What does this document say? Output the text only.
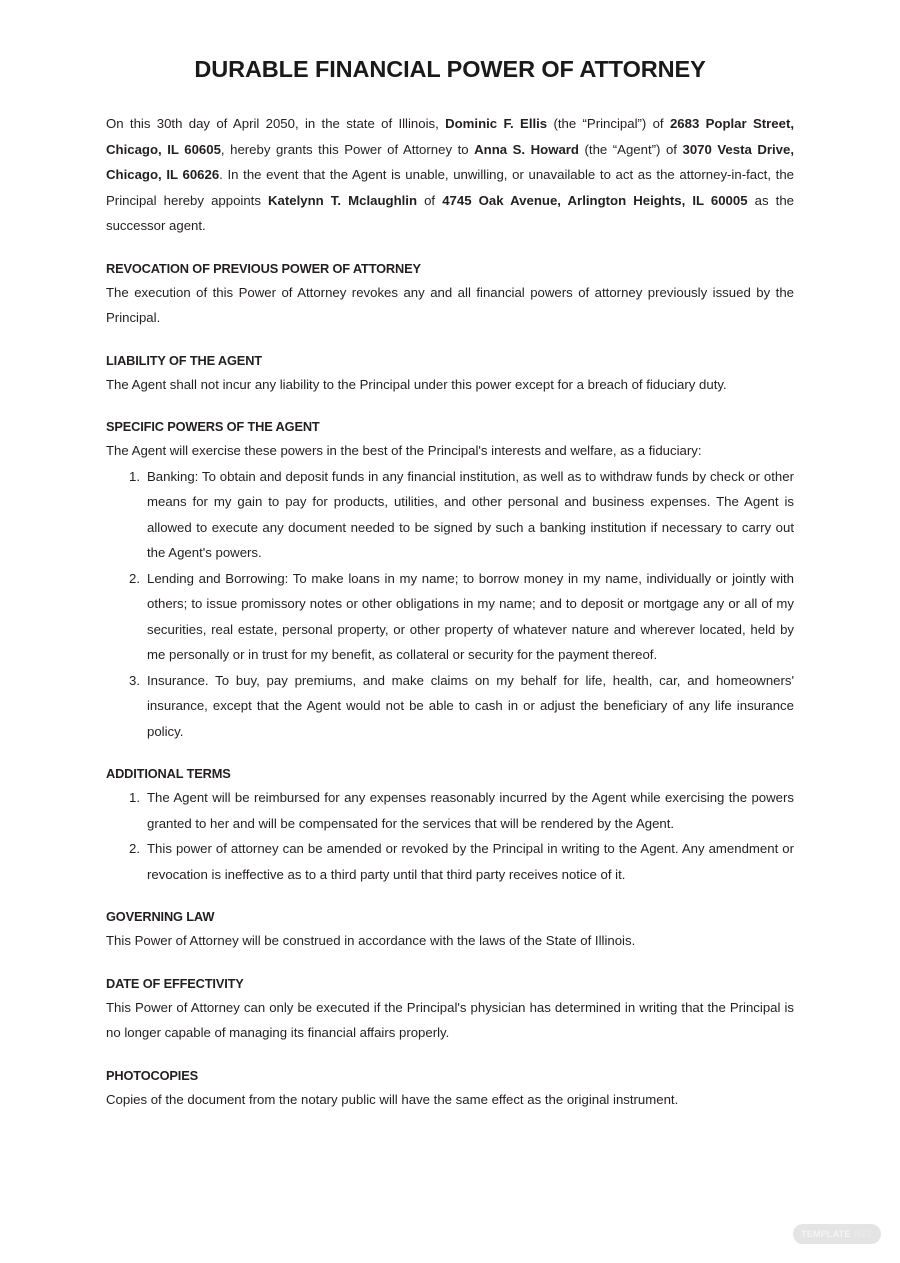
DURABLE FINANCIAL POWER OF ATTORNEY

On this 30th day of April 2050, in the state of Illinois, Dominic F. Ellis (the “Principal”) of 2683 Poplar Street, Chicago, IL 60605, hereby grants this Power of Attorney to Anna S. Howard (the “Agent”) of 3070 Vesta Drive, Chicago, IL 60626. In the event that the Agent is unable, unwilling, or unavailable to act as the attorney-in-fact, the Principal hereby appoints Katelynn T. Mclaughlin of 4745 Oak Avenue, Arlington Heights, IL 60005 as the successor agent.

REVOCATION OF PREVIOUS POWER OF ATTORNEY

The execution of this Power of Attorney revokes any and all financial powers of attorney previously issued by the Principal.

LIABILITY OF THE AGENT

The Agent shall not incur any liability to the Principal under this power except for a breach of fiduciary duty.

SPECIFIC POWERS OF THE AGENT

The Agent will exercise these powers in the best of the Principal's interests and welfare, as a fiduciary:

Banking: To obtain and deposit funds in any financial institution, as well as to withdraw funds by check or other means for my gain to pay for products, utilities, and other personal and business expenses. The Agent is allowed to execute any document needed to be signed by such a banking institution if necessary to carry out the Agent's powers.
Lending and Borrowing: To make loans in my name; to borrow money in my name, individually or jointly with others; to issue promissory notes or other obligations in my name; and to deposit or mortgage any or all of my securities, real estate, personal property, or other property of whatever nature and wherever located, held by me personally or in trust for my benefit, as collateral or security for the payment thereof.
Insurance. To buy, pay premiums, and make claims on my behalf for life, health, car, and homeowners' insurance, except that the Agent would not be able to cash in or adjust the beneficiary of any life insurance policy.
ADDITIONAL TERMS
The Agent will be reimbursed for any expenses reasonably incurred by the Agent while exercising the powers granted to her and will be compensated for the services that will be rendered by the Agent.
This power of attorney can be amended or revoked by the Principal in writing to the Agent. Any amendment or revocation is ineffective as to a third party until that third party receives notice of it.
GOVERNING LAW

This Power of Attorney will be construed in accordance with the laws of the State of Illinois.

DATE OF EFFECTIVITY

This Power of Attorney can only be executed if the Principal's physician has determined in writing that the Principal is no longer capable of managing its financial affairs properly.

PHOTOCOPIES

Copies of the document from the notary public will have the same effect as the original instrument.

TEMPLATE .NET
